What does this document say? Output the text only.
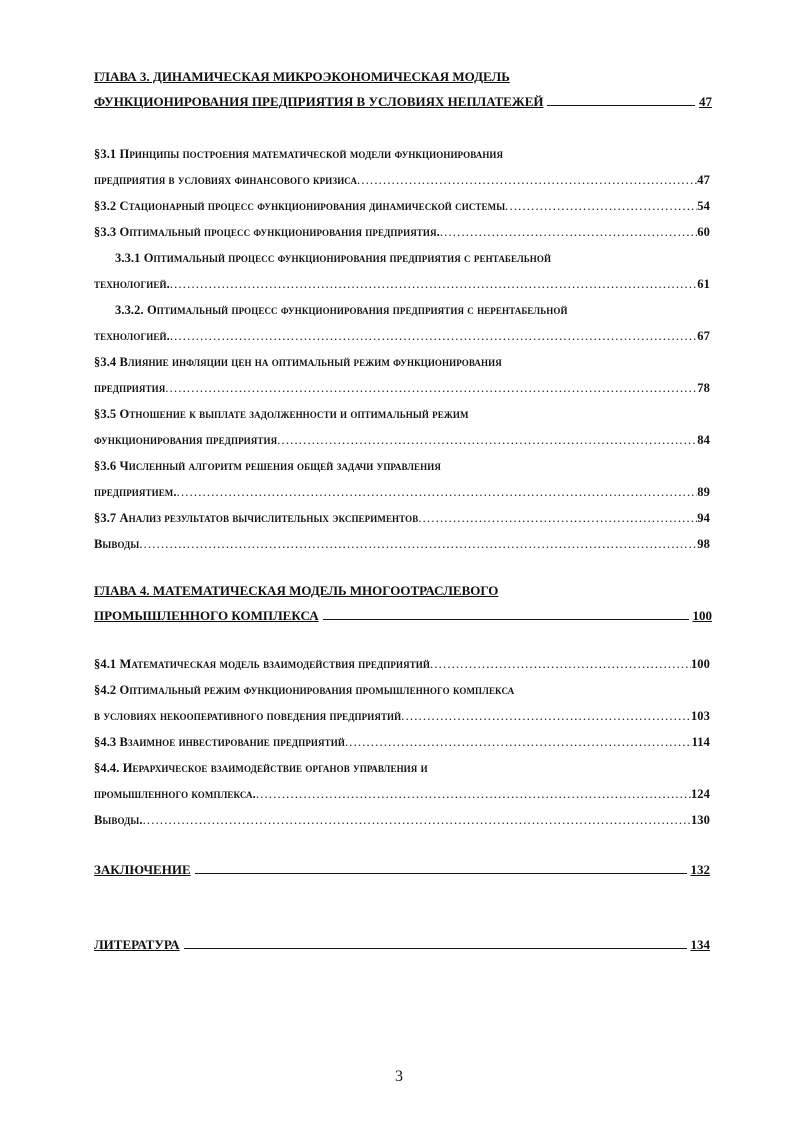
ГЛАВА 3. ДИНАМИЧЕСКАЯ МИКРОЭКОНОМИЧЕСКАЯ МОДЕЛЬ
ФУНКЦИОНИРОВАНИЯ ПРЕДПРИЯТИЯ В УСЛОВИЯХ НЕПЛАТЕЖЕЙ	47
§3.1 Принципы построения математической модели функционирования
предприятия в условиях финансового кризиса .....	47
§3.2 Стационарный процесс функционирования динамической системы .....	54
§3.3 Оптимальный процесс функционирования предприятия. .....	60
3.3.1 Оптимальный процесс функционирования предприятия с рентабельной
технологией. .....	61
3.3.2. Оптимальный процесс функционирования предприятия с нерентабельной
технологией. .....	67
§3.4 Влияние инфляции цен на оптимальный режим функционирования
предприятия .....	78
§3.5 Отношение к выплате задолженности и оптимальный режим
функционирования предприятия .....	84
§3.6 Численный алгоритм решения общей задачи управления
предприятием. .....	89
§3.7 Анализ результатов вычислительных экспериментов .....	94
Выводы .....	98
ГЛАВА 4. МАТЕМАТИЧЕСКАЯ МОДЕЛЬ МНОГООТРАСЛЕВОГО
ПРОМЫШЛЕННОГО КОМПЛЕКСА	100
§4.1 Математическая модель взаимодействия предприятий .....	100
§4.2 Оптимальный режим функционирования промышленного комплекса
в условиях некооперативного поведения предприятий .....	103
§4.3 Взаимное инвестирование предприятий .....	114
§4.4. Иерархическое взаимодействие органов управления и
промышленного комплекса. .....	124
Выводы. .....	130
ЗАКЛЮЧЕНИЕ	132
ЛИТЕРАТУРА	134
3
